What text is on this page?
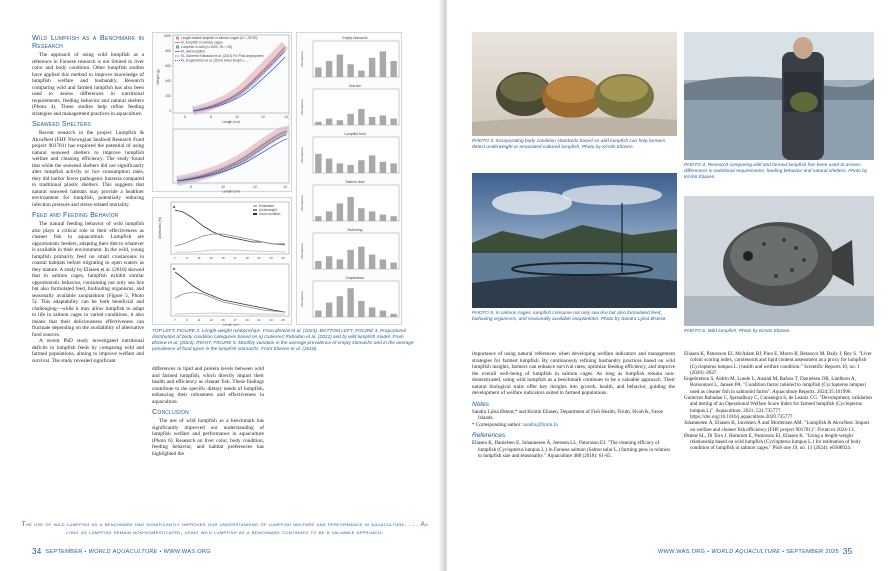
Wild Lumpfish as a Benchmark in Research

The approach of using wild lumpfish as a reference in Faroese research is not limited to liver color and body condition. Other lumpfish studies have applied this method to improve knowledge of lumpfish welfare and husbandry. Research comparing wild and farmed lumpfish has also been used to assess differences in nutritional requirements, feeding behavior and natural shelters (Photo 4). These studies help refine feeding strategies and management practices in aquaculture.

Seaweed Shelters

Recent research in the project Lumpfish & AkvaNest (FHF Norwegian Seafood Research Fund project 901781) has explored the potential of using natural seaweed shelters to improve lumpfish welfare and cleaning efficiency. The study found that while the seaweed shelters did not significantly alter lumpfish activity or lice consumption rates, they did harbor fewer pathogenic bacteria compared to traditional plastic shelters. This suggests that natural seaweed habitats may provide a healthier environment for lumpfish, potentially reducing infection pressure and stress-related mortality.

Feed and Feeding Behavior

The natural feeding behavior of wild lumpfish also plays a critical role in their effectiveness as cleaner fish in aquaculture. Lumpfish are opportunistic feeders, adapting their diet to whatever is available in their environment. In the wild, young lumpfish primarily feed on small crustaceans in coastal habitats before migrating to open waters as they mature. A study by Eliasen et al. (2018) showed that in salmon cages, lumpfish exhibit similar opportunistic behavior, consuming not only sea lice but also formulated feed, biofouling organisms, and seasonally available zooplankton (Figure 5, Photo 5). This adaptability can be both beneficial and challenging—while it may allow lumpfish to adapt to life in salmon cages in varied conditions, it also means that their deliciousness effectiveness can fluctuate depending on the availability of alternative food sources.

A recent PhD study investigated nutritional deficits in lumpfish feeds by comparing wild and farmed populations, aiming to improve welfare and survival. The study revealed significant

Length-based lumpfish in salmon cages (N = 29793)
KL lumpfish in salmon cages
Lumpfish in wild (n=1000, JN = 45)
KL wild lumpfish
KL Gutierrez Rabadan et al. (2021) Fit: Post-deployment
KL Engebretsen et al. (2024) lower length ≥ ...
1000
800
600
400
200
0
Weight (g)
6	8	10	12	14
Length (cm)
8	10	12	14
Length (cm)
a	Emaciated
Underweight
Good condition
7	9	11	13	15	17	19	21	23	25
Distribution (%)
b
7	9	11	13	15	17	19	21	23	25
Length (cm)
Empty stomachs
Sea lice
Lumpfish feed
Salmon feed
Biofouling
Zooplankton
Prevalence
Prevalence
Prevalence
Prevalence
Prevalence
Prevalence
TOP LEFT, FIGURE 3. Length-weight relationships. From Østerø et al. (2024). BOTTOM LEFT, FIGURE 4. Proportional distribution of body condition categories based on a) Gutierrez Rabadan et al. (2021) and b) wild lumpfish model. From Østerø et al. (2024). RIGHT, FIGURE 5. Monthly variation in the average prevalence of empty stomachs and in the average prevalence of food types in the lumpfish stomachs. From Eliasen et al. (2018).

differences in lipid and protein levels between wild and farmed lumpfish, which directly impact their health and efficiency as cleaner fish. These findings contribute to the specific dietary needs of lumpfish, enhancing their robustness and effectiveness in aquaculture.

Conclusion

The use of wild lumpfish as a benchmark has significantly improved our understanding of lumpfish welfare and performance in aquaculture (Photo 6). Research on liver color, body condition, feeding behavior, and habitat preferences has highlighted the

The use of wild lumpfish as a benchmark has significantly improved our understanding of lumpfish welfare and performance in aquaculture. . . . As long as lumpfish remain non-domesticated, using wild lumpfish as a benchmark continues to be a valuable approach.
34 SEPTEMBER • WORLD AQUACULTURE • WWW.WAS.ORG
PHOTO 3. Incorporating body condition standards based on wild lumpfish can help farmers detect underweight or emaciated cultured lumpfish. Photo by Kirstin Eliasen.
PHOTO 4. Research comparing wild and farmed lumpfish has been used to assess differences in nutritional requirements, feeding behavior and natural shelters. Photo by Kirstin Eliasen.
PHOTO 5. In salmon cages, lumpfish consume not only sea lice but also formulated feed, biofouling organisms, and seasonally available zooplankton. Photo by Sandra Ljósá Østerø.
PHOTO 6. Wild lumpfish. Photo by Kirstin Eliasen.

importance of using natural references when developing welfare indicators and management strategies for farmed lumpfish. By continuously refining husbandry practices based on wild lumpfish insights, farmers can enhance survival rates, optimize feeding efficiency, and improve the overall well-being of lumpfish in salmon cages. As long as lumpfish remain non-domesticated, using wild lumpfish as a benchmark continues to be a valuable approach. Their natural biological traits offer key insights into growth, health, and behavior, guiding the development of welfare indicators suited to farmed populations.

Notes
Sandra Ljósá Østerø,* and Kirstin Eliasen, Department of Fish Health, Firum, Hvalvík, Faroe Islands.
* Corresponding author: sandra@firum.fo
References
Eliasen K, Danielsen E, Johannesen Á, Joensen LL, Patursson EJ. "The cleaning efficacy of lumpfish (Cyclopterus lumpus L.) in Faroese salmon (Salmo salar L.) farming pens in relation to lumpfish size and seasonality." Aquaculture 488 (2018): 61-65.
Eliasen K, Patursson EJ, McAdam BJ, Pino E, Morro B, Betancor M, Baily J, Rey S. "Liver colour scoring index, carotenoids and lipid content assessment as a proxy for lumpfish (Cyclopterus lumpus L.) health and welfare condition." Scientific Reports 10, no. 1 (2020): 8927.
Engebretsen S, Aldrin M, Lunde L, Austad M, Rafoss T, Danielsen OR, Lindhom A, Boissonnot L, Jansen PA. "Condition factor tailored to lumpfish (Cyclopterus lumpus) used as cleaner fish in salmonid farms". Aquaculture Reports. 2024;35:101996.
Gutierrez Rabadan C, Spreadbury C, Consuegra S, de Leaniz CG. "Development, validation and testing of an Operational Welfare Score Index for farmed lumpfish (Cyclopterus lumpus L)". Aquaculture. 2021; 531:735777. https://doi.org/10.1016/j.aquaculture.2020.735777
Johannesen Á, Eliasen K, Jacobsen Á and Mortensen AM. "Lumpfish & AkvaNest. Impact on welfare and cleaner fish efficiency (FHF project 901781)". Firum nr 2024-13.
Østerø SL, Di Toro J, Homrum E, Patursson EJ, Eliasen K. "Using a length-weight relationship based on wild lumpfish (Cyclopterus lumpus L.) for estimation of body condition of lumpfish in salmon cages." PloS one 19, no. 11 (2024): e0308924.
WWW.WAS.ORG • WORLD AQUACULTURE • SEPTEMBER 2025 35
